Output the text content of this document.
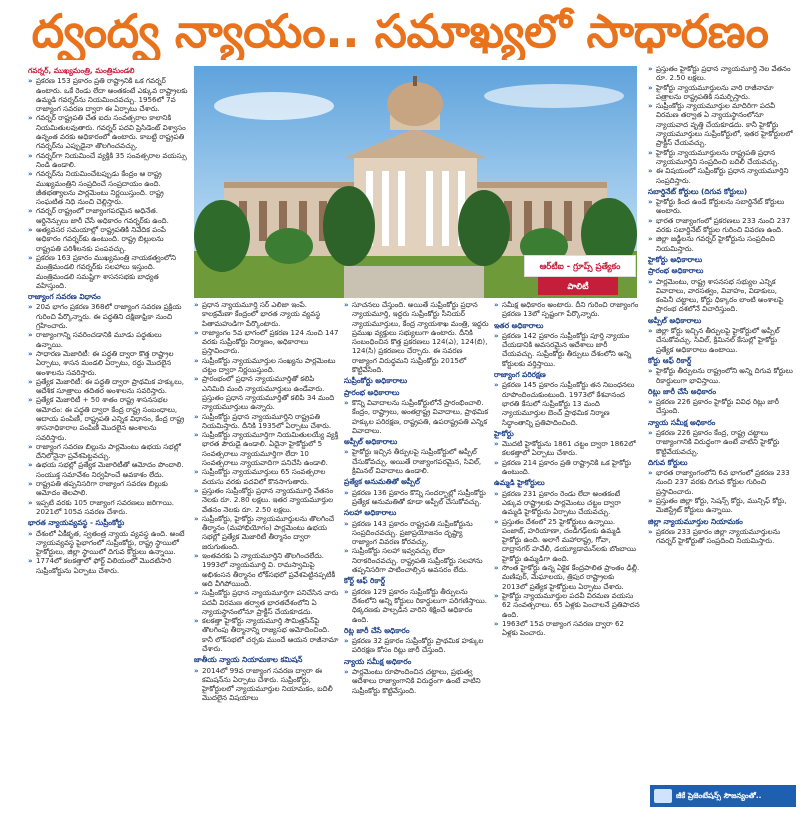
ద్వంద్వ న్యాయం.. సమాఖ్యలో సాధారణం
ఆర్‌టీఐ - గ్రూప్స్‌ ప్రత్యేకం
పాలిటీ
గవర్నర్‌, ముఖ్యమంత్రి, మంత్రిమండలి

» ప్రకరణ 153 ప్రకారం ప్రతి రాష్ట్రానికి ఒక గవర్నర్‌ ఉంటారు. ఒకే రెండు లేదా అంతకంటే ఎక్కువ రాష్ట్రాలకు ఉమ్మడి గవర్నర్‌ను నియమించవచ్చు. 1956లో 7వ రాజ్యాంగ సవరణ ద్వారా ఈ ఏర్పాటు చేశారు.

» గవర్నర్‌ రాష్ట్రపతి చేత ఐదు సంవత్సరాల కాలానికి నియమితులవుతారు. గవర్నర్‌ పదవి ప్రెసిడెంట్‌ విశ్వాసం ఉన్నంత వరకు అధికారంలో ఉంటారు. కాబట్టి రాష్ట్రపతి గవర్నర్‌ను ఎప్పుడైనా తొలగించవచ్చు.

» గవర్నర్‌గా నియమించే వ్యక్తికి 35 సంవత్సరాల వయస్సు నిండి ఉండాలి.

» గవర్నర్‌ను నియమించేటప్పుడు కేంద్రం ఆ రాష్ట్ర ముఖ్యమంత్రిని సంప్రదించే సంప్రదాయం ఉంది. జీతభత్యాలను పార్లమెంటు నిర్ణయిస్తుంది. రాష్ట్ర సంఘటిత నిధి నుంచి చెల్లిస్తారు.

» గవర్నర్‌ రాష్ట్రంలో రాజ్యాంగపరమైన అధినేత. ఆర్డినెన్సులు జారీ చేసే అధికారం గవర్నర్‌కు ఉంది.

» అత్యవసర సమయాల్లో రాష్ట్రపతికి నివేదిక పంపే అధికారం గవర్నర్‌కు ఉంటుంది. రాష్ట్ర బిల్లులను రాష్ట్రపతి పరిశీలనకు పంపవచ్చు.

» ప్రకరణ 163 ప్రకారం ముఖ్యమంత్రి నాయకత్వంలోని మంత్రిమండలి గవర్నర్‌కు సలహాలు ఇస్తుంది. మంత్రిమండలి సమష్టిగా శాసనసభకు బాధ్యత వహిస్తుంది.

రాజ్యాంగ సవరణ విధానం

» 20వ భాగం ప్రకరణ 368లో రాజ్యాంగ సవరణ ప్రక్రియ గురించి పేర్కొన్నారు. ఈ పద్ధతిని దక్షిణాఫ్రికా నుంచి గ్రహించారు.

» రాజ్యాంగాన్ని సవరించడానికి మూడు పద్ధతులు ఉన్నాయి.

» సాధారణ మెజారిటీ: ఈ పద్ధతి ద్వారా కొత్త రాష్ట్రాల ఏర్పాటు, శాసన మండలి ఏర్పాటు, రద్దు మొదలైన అంశాలను సవరిస్తారు.

» ప్రత్యేక మెజారిటీ: ఈ పద్ధతి ద్వారా ప్రాథమిక హక్కులు, ఆదేశిక సూత్రాలు తదితర అంశాలను సవరిస్తారు.

» ప్రత్యేక మెజారిటీ + 50 శాతం రాష్ట్ర శాసనసభల ఆమోదం: ఈ పద్ధతి ద్వారా కేంద్ర రాష్ట్ర సంబంధాలు, ఆదాయ పంపిణీ, రాష్ట్రపతి ఎన్నిక విధానం, కేంద్ర రాష్ట్ర శాసనాధికారాల పంపిణీ మొదలైన అంశాలను సవరిస్తారు.

» రాజ్యాంగ సవరణ బిల్లును పార్లమెంటు ఉభయ సభల్లో దేనిలోనైనా ప్రవేశపెట్టవచ్చు.

» ఉభయ సభల్లో ప్రత్యేక మెజారిటీతో ఆమోదం పొందాలి. సంయుక్త సమావేశం నిర్వహించే అవకాశం లేదు.

» రాష్ట్రపతి తప్పనిసరిగా రాజ్యాంగ సవరణ బిల్లుకు ఆమోదం తెలపాలి.

» ఇప్పటి వరకు 105 రాజ్యాంగ సవరణలు జరిగాయి. 2021లో 105వ సవరణ చేశారు.

భారత న్యాయవ్యవస్థ - సుప్రీంకోర్టు

» దేశంలో ఏకీకృత, స్వతంత్ర న్యాయ వ్యవస్థ ఉంది. అంటే న్యాయవ్యవస్థ పైభాగంలో సుప్రీంకోర్టు, రాష్ట్ర స్థాయిలో హైకోర్టులు, జిల్లా స్థాయిలో దిగువ కోర్టులు ఉన్నాయి.

» 1774లో కలకత్తాలో ఫోర్ట్‌ విలియంలో మొదటిసారి సుప్రీంకోర్టును ఏర్పాటు చేశారు.

» ప్రధాన న్యాయమూర్తి సర్‌ ఎలిజా ఇంపే. కాలక్రమేణా కేంద్రంలో భారత న్యాయ వ్యవస్థ పితామహుడిగా పేర్కొంటారు.

» రాజ్యాంగం 5వ భాగంలో ప్రకరణ 124 నుంచి 147 వరకు సుప్రీంకోర్టు నిర్మాణం, అధికారాలు ప్రస్తావించారు.

» సుప్రీంకోర్టు న్యాయమూర్తుల సంఖ్యను పార్లమెంటు చట్టం ద్వారా నిర్ణయిస్తుంది.

» ప్రారంభంలో ప్రధాన న్యాయమూర్తితో కలిపి ఎనిమిది మంది న్యాయమూర్తులు ఉండేవారు. ప్రస్తుతం ప్రధాన న్యాయమూర్తితో కలిపి 34 మంది న్యాయమూర్తులు ఉన్నారు.

» సుప్రీంకోర్టు ప్రధాన న్యాయమూర్తిని రాష్ట్రపతి నియమిస్తారు. దీనికి 1935లో ఏర్పాటు చేశారు.

» సుప్రీంకోర్టు న్యాయమూర్తిగా నియమితులయ్యే వ్యక్తి భారత పౌరుడై ఉండాలి. ఏదైనా హైకోర్టులో 5 సంవత్సరాలు న్యాయమూర్తిగా లేదా 10 సంవత్సరాలు న్యాయవాదిగా పనిచేసి ఉండాలి.

» సుప్రీంకోర్టు న్యాయమూర్తులు 65 సంవత్సరాల వయసు వరకు పదవిలో కొనసాగుతారు.

» ప్రస్తుతం సుప్రీంకోర్టు ప్రధాన న్యాయమూర్తి వేతనం నెలకు రూ. 2.80 లక్షలు. ఇతర న్యాయమూర్తుల వేతనం నెలకు రూ. 2.50 లక్షలు.

» సుప్రీంకోర్టు, హైకోర్టు న్యాయమూర్తులను తొలగించే తీర్మానం (మహాభియోగం) పార్లమెంటు ఉభయ సభల్లో ప్రత్యేక మెజారిటీ తీర్మానం ద్వారా జరుగుతుంది.

» ఇంతవరకు ఏ న్యాయమూర్తిని తొలగించలేదు. 1993లో న్యాయమూర్తి వి. రామస్వామిపై అభిశంసన తీర్మానం లోక్‌సభలో ప్రవేశపెట్టినప్పటికీ అది వీగిపోయింది.

» సుప్రీంకోర్టు ప్రధాన న్యాయమూర్తిగా పనిచేసిన వారు పదవీ విరమణ తర్వాత భారతదేశంలోని ఏ న్యాయస్థానంలోనూ ప్రాక్టీస్‌ చేయకూడదు.

» కలకత్తా హైకోర్టు న్యాయమూర్తి సౌమిత్రసేన్‌పై తొలగింపు తీర్మానాన్ని రాజ్యసభ ఆమోదించింది. కానీ లోక్‌సభలో చర్చకు ముందే ఆయన రాజీనామా చేశారు.

జాతీయ న్యాయ నియామకాల కమిషన్‌

» 2014లో 99వ రాజ్యాంగ సవరణ ద్వారా ఈ కమిషన్‌ను ఏర్పాటు చేశారు. సుప్రీంకోర్టు, హైకోర్టులలో న్యాయమూర్తుల నియామకం, బదిలీ మొదలైన విషయాలు

» సూచనలు చేస్తుంది. అయితే సుప్రీంకోర్టు ప్రధాన న్యాయమూర్తి, ఇద్దరు సుప్రీంకోర్టు సీనియర్‌ న్యాయమూర్తులు, కేంద్ర న్యాయశాఖ మంత్రి, ఇద్దరు ప్రముఖ వ్యక్తులు సభ్యులుగా ఉంటారు. దీనికి సంబంధించిన కొత్త ప్రకరణలు 124(ఎ), 124(బి), 124(సి) ప్రకరణలు చేర్చారు. ఈ సవరణ రాజ్యాంగ విరుద్ధమని సుప్రీంకోర్టు 2015లో కొట్టివేసింది.

సుప్రీంకోర్టు అధికారాలు
ప్రారంభ అధికారాలు

» కొన్ని వివాదాలను సుప్రీంకోర్టులోనే ప్రారంభించాలి. కేంద్రం, రాష్ట్రాలు, అంతర్రాష్ట్ర వివాదాలు, ప్రాథమిక హక్కుల పరిరక్షణ, రాష్ట్రపతి, ఉపరాష్ట్రపతి ఎన్నిక వివాదాలు.

అప్పీల్‌ అధికారాలు

» హైకోర్టు ఇచ్చిన తీర్పులపై సుప్రీంకోర్టులో అప్పీల్‌ చేసుకోవచ్చు. అయితే రాజ్యాంగపరమైన, సివిల్‌, క్రిమినల్‌ వివాదాలు ఉండాలి.

ప్రత్యేక అనుమతితో అప్పీల్‌

» ప్రకరణ 136 ప్రకారం కొన్ని సందర్భాల్లో సుప్రీంకోర్టు ప్రత్యేక అనుమతితో కూడా అప్పీల్‌ చేసుకోవచ్చు.

సలహా అధికారాలు

» ప్రకరణ 143 ప్రకారం రాష్ట్రపతి సుప్రీంకోర్టును సంప్రదించవచ్చు. ప్రజాప్రయోజనం దృష్ట్యా రాజ్యాంగ వివరణ కోరవచ్చు.

» సుప్రీంకోర్టు సలహా ఇవ్వవచ్చు లేదా నిరాకరించవచ్చు. రాష్ట్రపతి సుప్రీంకోర్టు సలహాను తప్పనిసరిగా పాటించాల్సిన అవసరం లేదు.

కోర్ట్‌ ఆఫ్‌ రికార్డ్‌

» ప్రకరణ 129 ప్రకారం సుప్రీంకోర్టు తీర్పులను దేశంలోని అన్ని కోర్టులు రికార్డులుగా పరిగణిస్తాయి. ధిక్కరణకు పాల్పడిన వారిని శిక్షించే అధికారం ఉంది.

రిట్ల జారీ చేసే అధికారం

» ప్రకరణ 32 ప్రకారం సుప్రీంకోర్టు ప్రాథమిక హక్కుల పరిరక్షణ కోసం రిట్లు జారీ చేస్తుంది.

న్యాయ సమీక్ష అధికారం

» పార్లమెంటు రూపొందించిన చట్టాలు, ప్రభుత్వ ఆదేశాలు రాజ్యాంగానికి విరుద్ధంగా ఉంటే వాటిని సుప్రీంకోర్టు కొట్టివేస్తుంది.

» సమీక్ష అధికారం అంటారు. దీని గురించి రాజ్యాంగం ప్రకరణ 13లో స్పష్టంగా పేర్కొన్నారు.

ఇతర అధికారాలు

» ప్రకరణ 142 ప్రకారం సుప్రీంకోర్టు పూర్తి న్యాయం చేయడానికి అవసరమైన ఆదేశాలు జారీ చేయవచ్చు. సుప్రీంకోర్టు తీర్పులు దేశంలోని అన్ని కోర్టులకు వర్తిస్తాయి.

రాజ్యాంగ పరిరక్షణ

» ప్రకరణ 145 ప్రకారం సుప్రీంకోర్టు తన నిబంధనలు రూపొందించుకుంటుంది. 1973లో కేశవానంద భారతి కేసులో సుప్రీంకోర్టు 13 మంది న్యాయమూర్తుల బెంచ్‌ ప్రాథమిక నిర్మాణ సిద్ధాంతాన్ని ప్రతిపాదించింది.

హైకోర్టు

» మొదటి హైకోర్టును 1861 చట్టం ద్వారా 1862లో కలకత్తాలో ఏర్పాటు చేశారు.

» ప్రకరణ 214 ప్రకారం ప్రతి రాష్ట్రానికి ఒక హైకోర్టు ఉంటుంది.

ఉమ్మడి హైకోర్టులు

» ప్రకరణ 231 ప్రకారం రెండు లేదా అంతకంటే ఎక్కువ రాష్ట్రాలకు పార్లమెంటు చట్టం ద్వారా ఉమ్మడి హైకోర్టును ఏర్పాటు చేయవచ్చు.

» ప్రస్తుతం దేశంలో 25 హైకోర్టులు ఉన్నాయి. పంజాబ్‌, హరియాణా, చండీగఢ్‌లకు ఉమ్మడి హైకోర్టు ఉంది. అలాగే మహారాష్ట్ర, గోవా, దాద్రానగర్‌ హవేలీ, డయ్యూడామన్‌లకు బొంబాయి హైకోర్టు ఉమ్మడిగా ఉంది.

» సొంత హైకోర్టు ఉన్న ఏకైక కేంద్రపాలిత ప్రాంతం ఢిల్లీ. మణిపుర్‌, మేఘాలయ, త్రిపుర రాష్ట్రాలకు 2013లో ప్రత్యేక హైకోర్టులు ఏర్పాటు చేశారు.

» హైకోర్టు న్యాయమూర్తుల పదవీ విరమణ వయసు 62 సంవత్సరాలు. 65 ఏళ్లకు పెంచాలనే ప్రతిపాదన ఉంది.

» 1963లో 15వ రాజ్యాంగ సవరణ ద్వారా 62 ఏళ్లకు పెంచారు.

» ప్రస్తుతం హైకోర్టు ప్రధాన న్యాయమూర్తి నెల వేతనం రూ. 2.50 లక్షలు.

» హైకోర్టు న్యాయమూర్తులను వారి రాజీనామా పత్రాలను రాష్ట్రపతికి సమర్పిస్తారు.

» సుప్రీంకోర్టు న్యాయమూర్తుల మాదిరిగా పదవీ విరమణ తర్వాత ఏ న్యాయస్థానంలోనూ న్యాయవాద వృత్తి చేయకూడదు. కానీ హైకోర్టు న్యాయమూర్తులు సుప్రీంకోర్టులో, ఇతర హైకోర్టులలో ప్రాక్టీస్‌ చేయవచ్చు.

» హైకోర్టు న్యాయమూర్తులను రాష్ట్రపతి ప్రధాన న్యాయమూర్తిని సంప్రదించి బదిలీ చేయవచ్చు.

» ఈ విషయంలో సుప్రీంకోర్టు ప్రధాన న్యాయమూర్తిని సంప్రదిస్తారు.

సబార్డినేట్‌ కోర్టులు (దిగువ కోర్టులు)

» హైకోర్టు కింద ఉండే కోర్టులను సబార్డినేట్‌ కోర్టులు అంటారు.

» భారత రాజ్యాంగంలో ప్రకరణలు 233 నుంచి 237 వరకు సబార్డినేట్‌ కోర్టుల గురించి వివరణ ఉంది.

» జిల్లా జడ్జీలను గవర్నర్‌ హైకోర్టును సంప్రదించి నియమిస్తారు.

హైకోర్టు అధికారాలు
ప్రారంభ అధికారాలు

» పార్లమెంటు, రాష్ట్ర శాసనసభ సభ్యుల ఎన్నిక వివాదాలు, వారసత్వం, వివాహం, విడాకులు, కంపెనీ చట్టాలు, కోర్టు ధిక్కారం లాంటి అంశాలపై ప్రారంభ దశలోనే విచారిస్తుంది.

అప్పీల్‌ అధికారాలు

» జిల్లా కోర్టు ఇచ్చిన తీర్పులపై హైకోర్టులో అప్పీల్‌ చేసుకోవచ్చు. సివిల్‌, క్రిమినల్‌ కేసుల్లో హైకోర్టు ప్రత్యేక అధికారాలు ఉంటాయి.

కోర్టు ఆఫ్‌ రికార్డ్‌

» హైకోర్టు తీర్పులను రాష్ట్రంలోని అన్ని దిగువ కోర్టులు రికార్డులుగా భావిస్తాయి.

రిట్లు జారీ చేసే అధికారం

» ప్రకరణ 226 ప్రకారం హైకోర్టు వివిధ రిట్లు జారీ చేస్తుంది.

న్యాయ సమీక్ష అధికారం

» ప్రకరణ 226 ప్రకారం కేంద్ర, రాష్ట్ర చట్టాలు రాజ్యాంగానికి విరుద్ధంగా ఉంటే వాటిని హైకోర్టు కొట్టివేయవచ్చు.

దిగువ కోర్టులు

» భారత రాజ్యాంగంలోని 6వ భాగంలో ప్రకరణ 233 నుంచి 237 వరకు దిగువ కోర్టుల గురించి ప్రస్తావించారు.

» ప్రస్తుతం జిల్లా కోర్టు, సెషన్స్‌ కోర్టు, మున్సిఫ్‌ కోర్టు, మెజిస్ట్రేట్‌ కోర్టులు ఉన్నాయి.

జిల్లా న్యాయమూర్తుల నియామకం

» ప్రకరణ 233 ప్రకారం జిల్లా న్యాయమూర్తులను గవర్నర్‌ హైకోర్టుతో సంప్రదించి నియమిస్తారు.

జీకే ప్రెజెంటేషన్స్‌ సౌజన్యంతో..
